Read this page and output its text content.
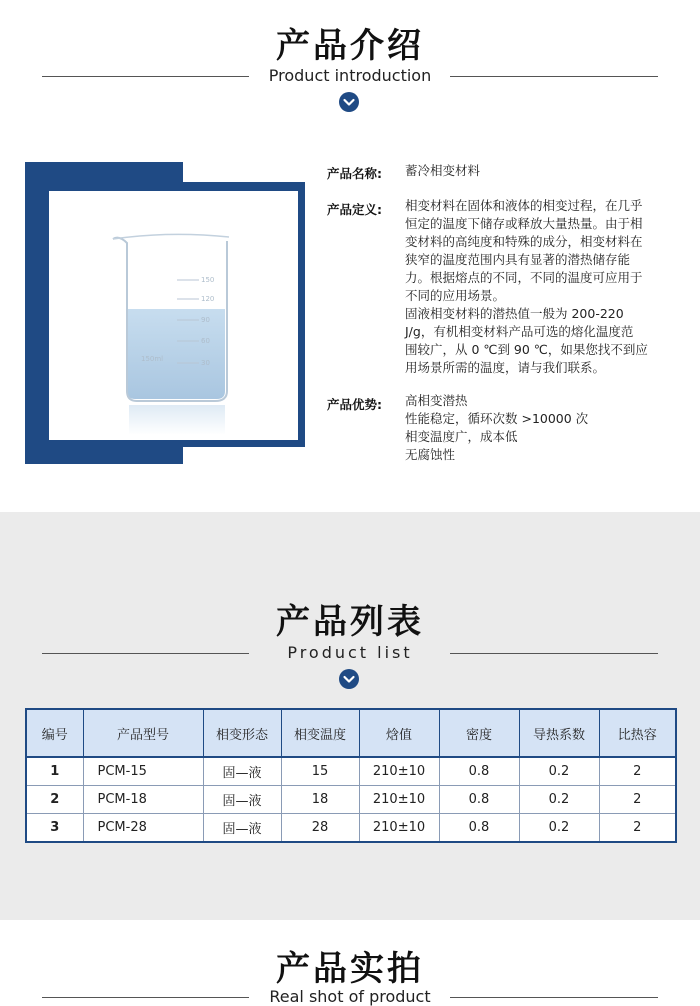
产品介绍
Product introduction
150
120
90
60
30
150ml
产品名称: 蓄冷相变材料
产品定义: 相变材料在固体和液体的相变过程，在几乎
恒定的温度下储存或释放大量热量。由于相
变材料的高纯度和特殊的成分，相变材料在
狭窄的温度范围内具有显著的潜热储存能
力。根据熔点的不同，不同的温度可应用于
不同的应用场景。
固液相变材料的潜热值一般为 200-220
J/g，有机相变材料产品可选的熔化温度范
围较广，从 0 ℃到 90 ℃，如果您找不到应
用场景所需的温度，请与我们联系。
产品优势: 高相变潜热
性能稳定，循环次数 >10000 次
相变温度广，成本低
无腐蚀性
产品列表
Product list
编号	产品型号	相变形态	相变温度	焓值	密度	导热系数	比热容
1	PCM-15	固—液	15	210±10	0.8	0.2	2
2	PCM-18	固—液	18	210±10	0.8	0.2	2
3	PCM-28	固—液	28	210±10	0.8	0.2	2
产品实拍
Real shot of product
